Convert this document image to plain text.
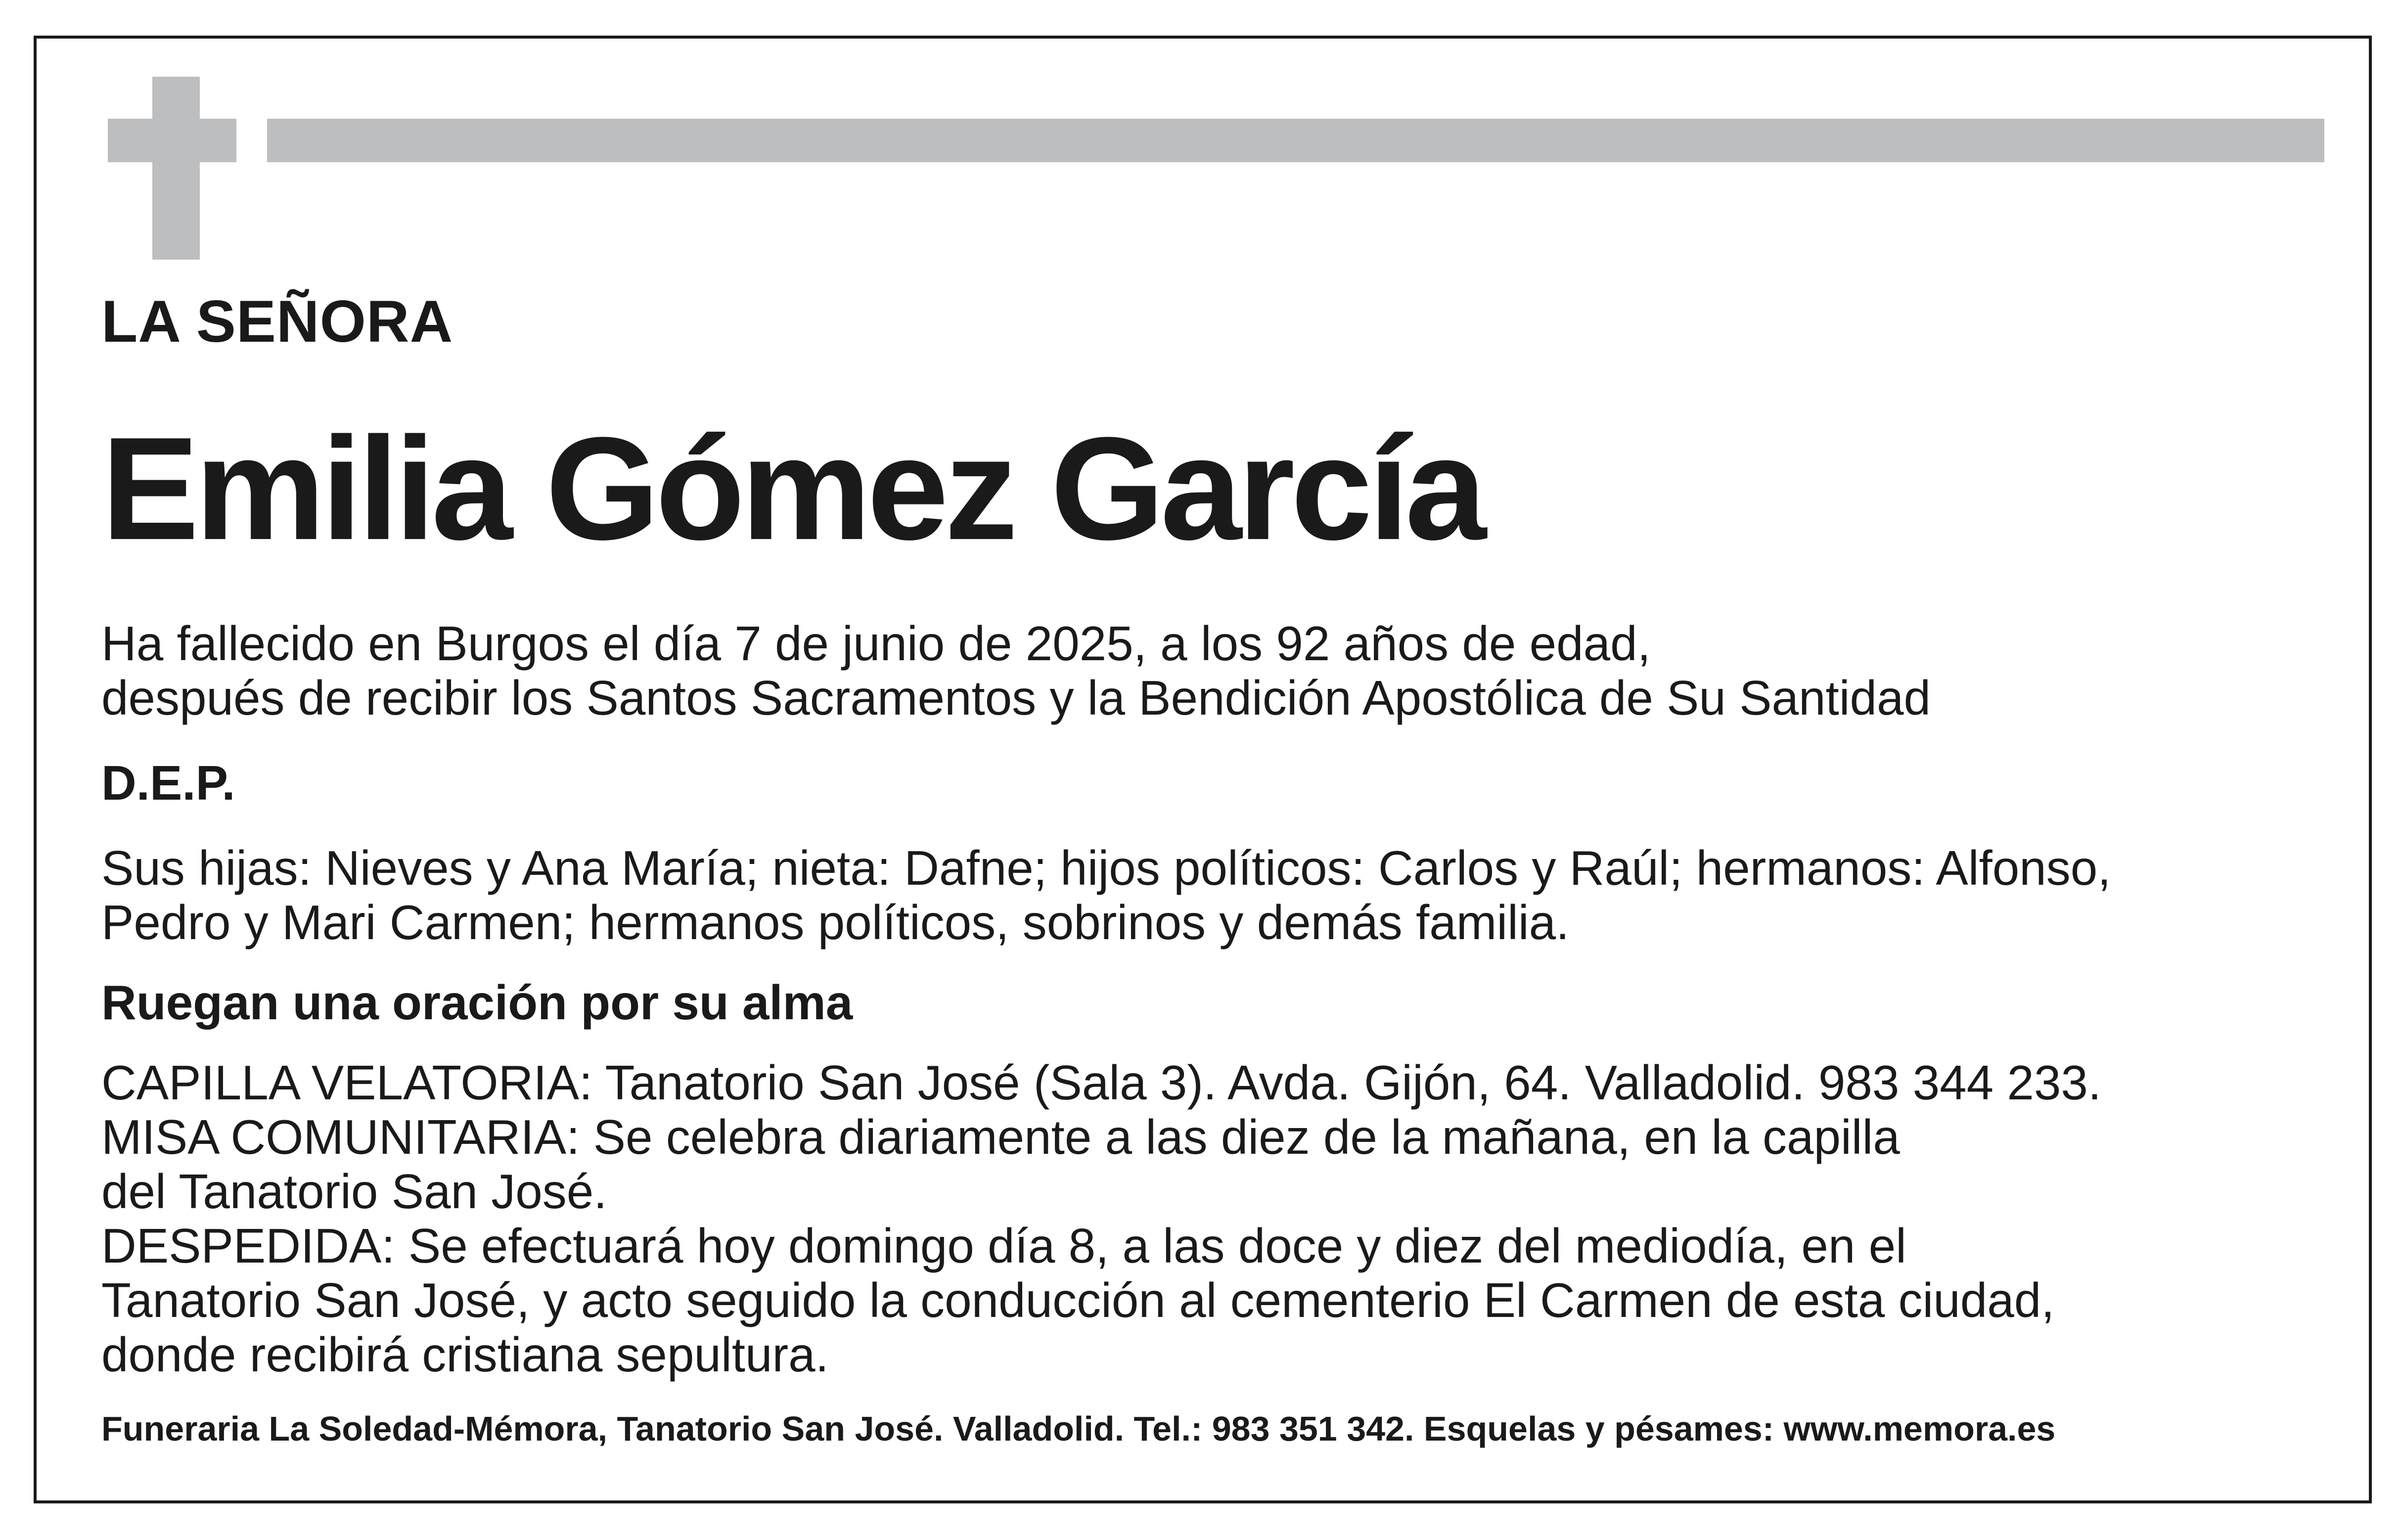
LA SEÑORA
Emilia Gómez García
Ha fallecido en Burgos el día 7 de junio de 2025, a los 92 años de edad,
después de recibir los Santos Sacramentos y la Bendición Apostólica de Su Santidad
D.E.P.
Sus hijas: Nieves y Ana María; nieta: Dafne; hijos políticos: Carlos y Raúl; hermanos: Alfonso,
Pedro y Mari Carmen; hermanos políticos, sobrinos y demás familia.
Ruegan una oración por su alma
CAPILLA VELATORIA: Tanatorio San José (Sala 3). Avda. Gijón, 64. Valladolid. 983 344 233.
MISA COMUNITARIA: Se celebra diariamente a las diez de la mañana, en la capilla
del Tanatorio San José.
DESPEDIDA: Se efectuará hoy domingo día 8, a las doce y diez del mediodía, en el
Tanatorio San José, y acto seguido la conducción al cementerio El Carmen de esta ciudad,
donde recibirá cristiana sepultura.
Funeraria La Soledad-Mémora, Tanatorio San José. Valladolid. Tel.: 983 351 342. Esquelas y pésames: www.memora.es
